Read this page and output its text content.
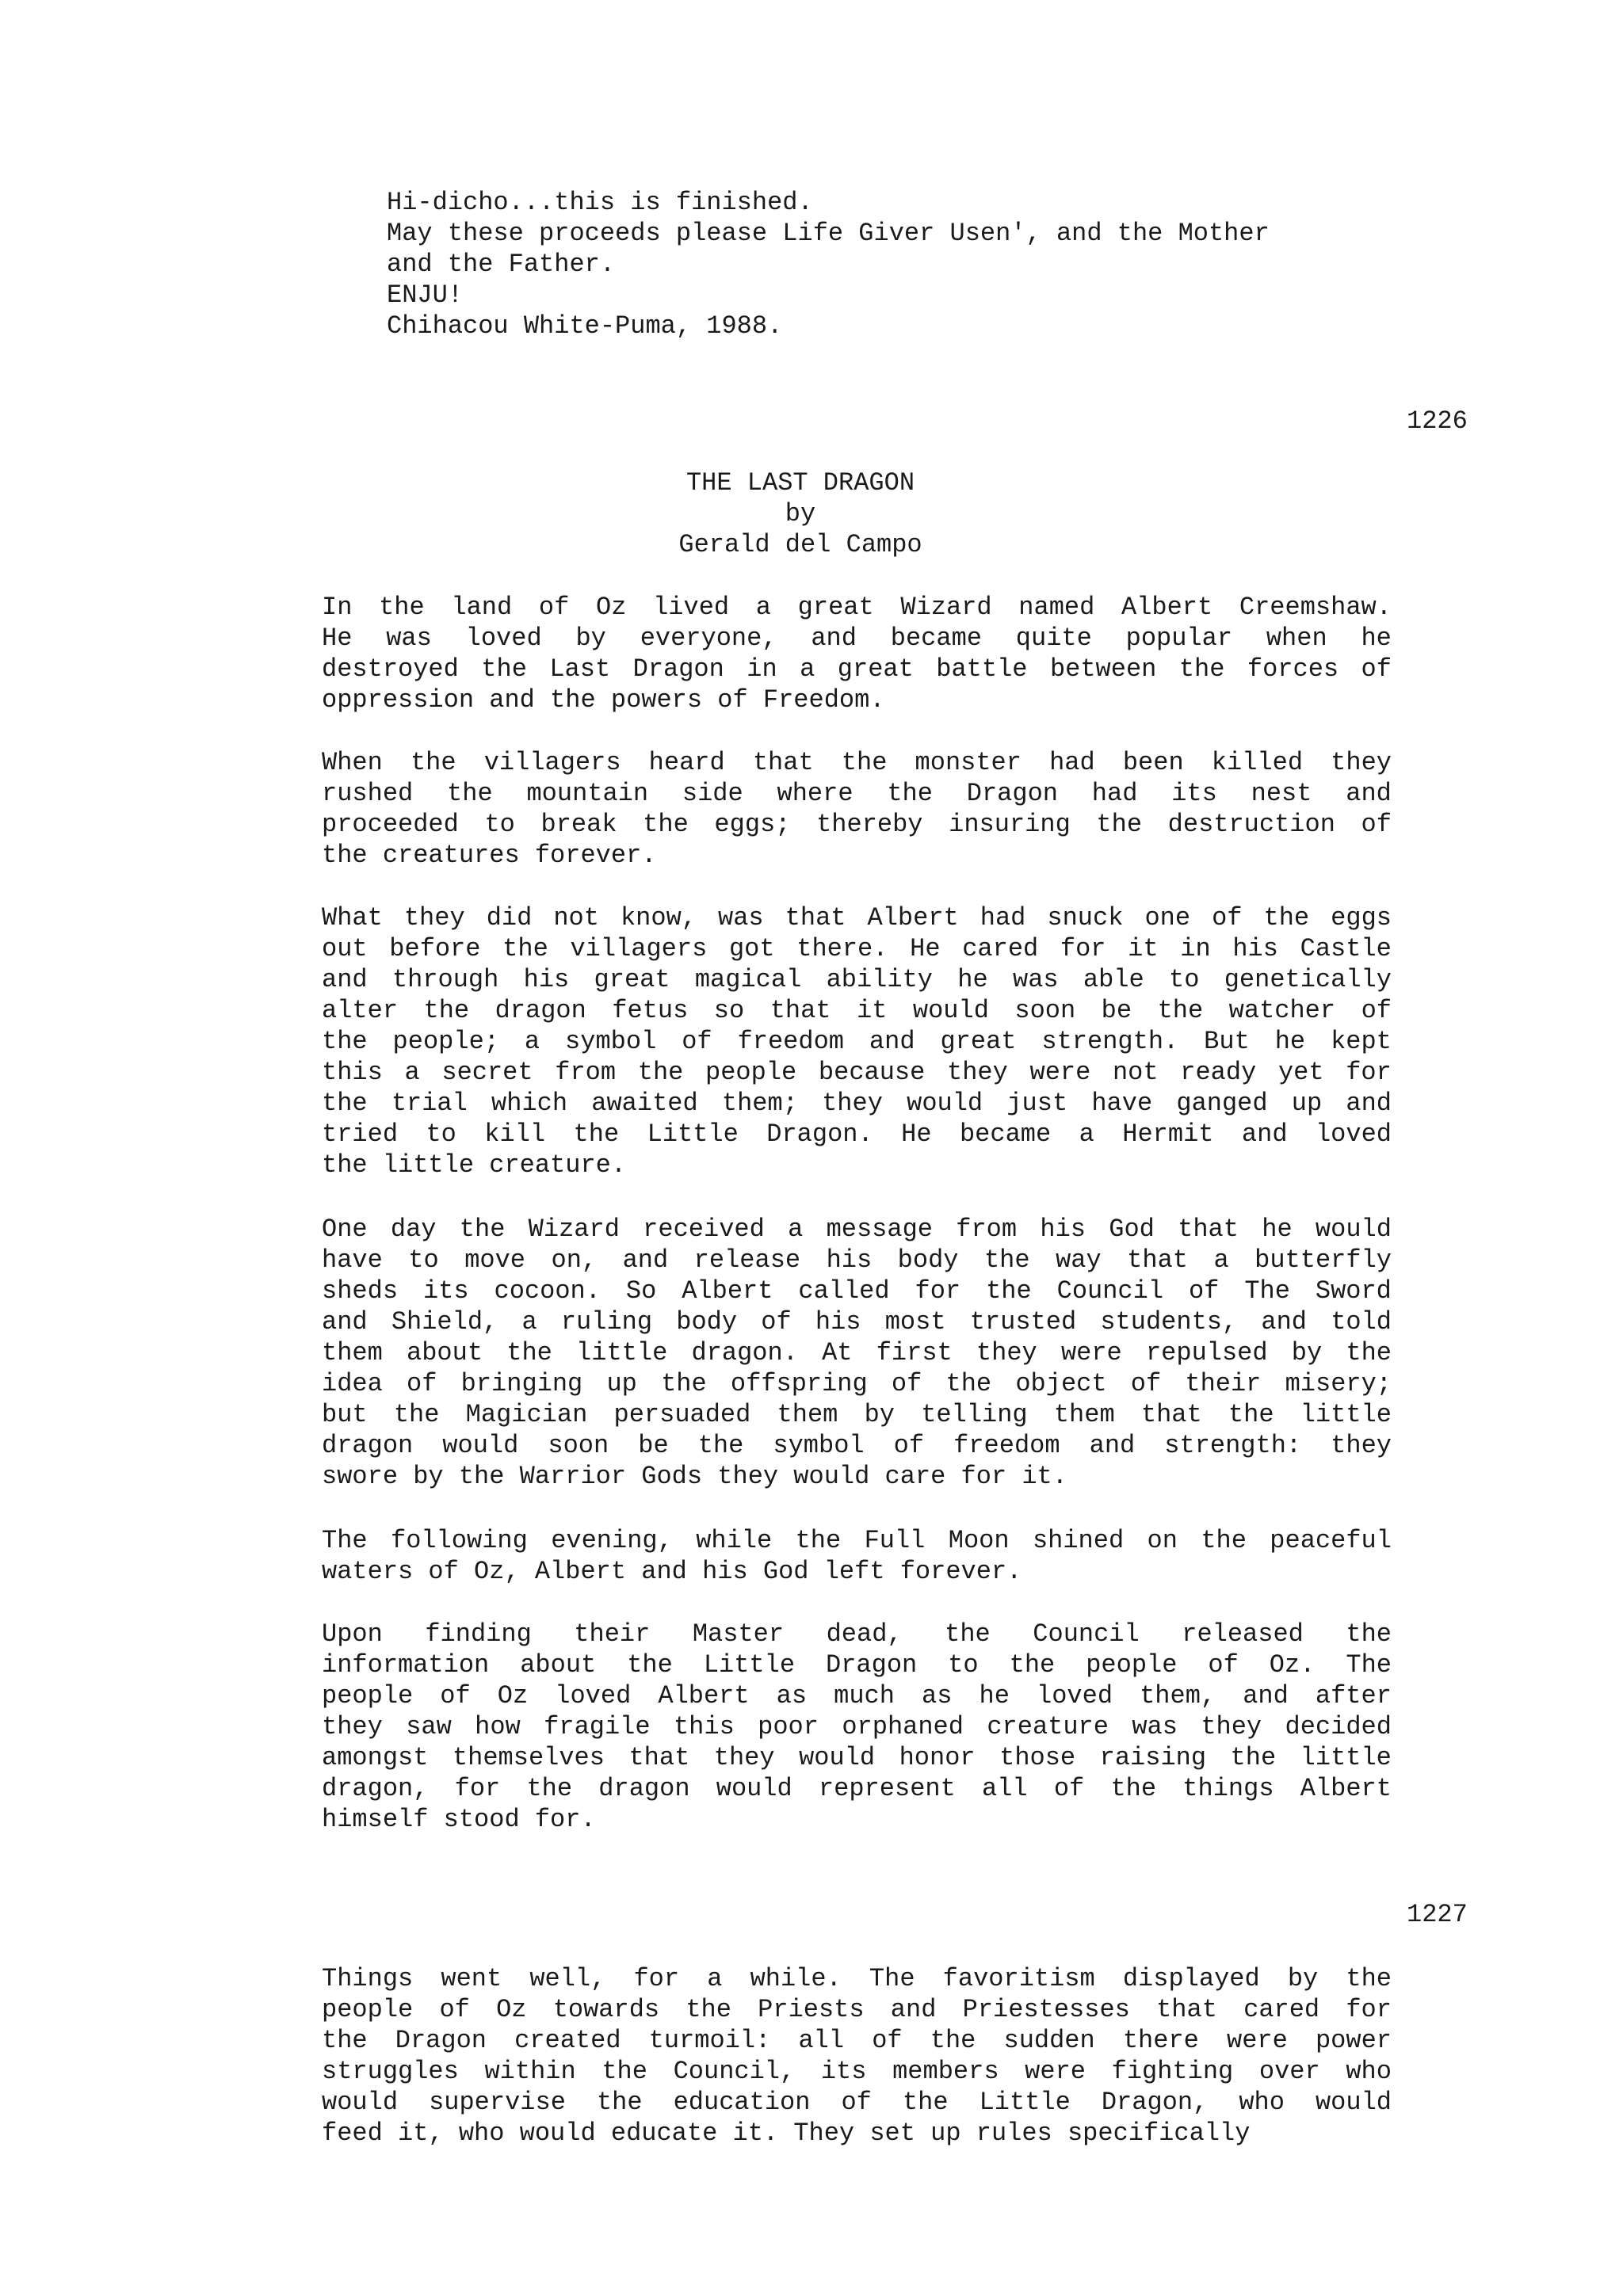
Hi-dicho...this is finished.

May these proceeds please Life Giver Usen', and the Mother

and the Father.

ENJU!

Chihacou White-Puma, 1988.

1226

THE LAST DRAGON

by

Gerald del Campo

In the land of Oz lived a great Wizard named Albert Creemshaw.
He was loved by everyone, and became quite popular when he
destroyed the Last Dragon in a great battle between the forces of
oppression and the powers of Freedom.
When the villagers heard that the monster had been killed they
rushed the mountain side where the Dragon had its nest and
proceeded to break the eggs; thereby insuring the destruction of
the creatures forever.
What they did not know, was that Albert had snuck one of the eggs
out before the villagers got there. He cared for it in his Castle
and through his great magical ability he was able to genetically
alter the dragon fetus so that it would soon be the watcher of
the people; a symbol of freedom and great strength. But he kept
this a secret from the people because they were not ready yet for
the trial which awaited them; they would just have ganged up and
tried to kill the Little Dragon. He became a Hermit and loved
the little creature.
One day the Wizard received a message from his God that he would
have to move on, and release his body the way that a butterfly
sheds its cocoon. So Albert called for the Council of The Sword
and Shield, a ruling body of his most trusted students, and told
them about the little dragon. At first they were repulsed by the
idea of bringing up the offspring of the object of their misery;
but the Magician persuaded them by telling them that the little
dragon would soon be the symbol of freedom and strength: they
swore by the Warrior Gods they would care for it.
The following evening, while the Full Moon shined on the peaceful
waters of Oz, Albert and his God left forever.
Upon finding their Master dead, the Council released the
information about the Little Dragon to the people of Oz. The
people of Oz loved Albert as much as he loved them, and after
they saw how fragile this poor orphaned creature was they decided
amongst themselves that they would honor those raising the little
dragon, for the dragon would represent all of the things Albert
himself stood for.

1227

Things went well, for a while. The favoritism displayed by the
people of Oz towards the Priests and Priestesses that cared for
the Dragon created turmoil: all of the sudden there were power
struggles within the Council, its members were fighting over who
would supervise the education of the Little Dragon, who would
feed it, who would educate it. They set up rules specifically
